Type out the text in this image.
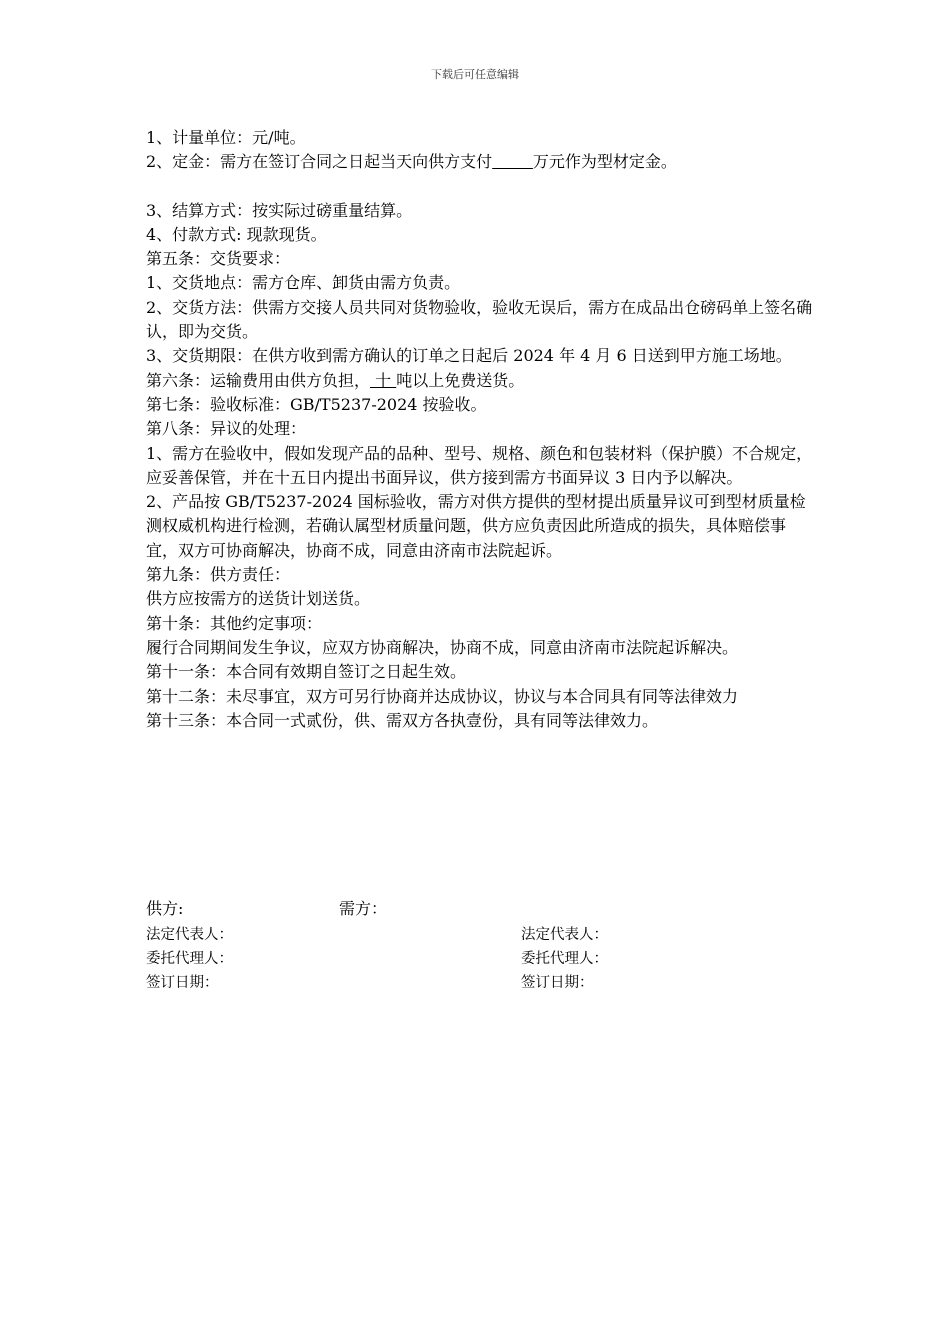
下载后可任意编辑

1、计量单位：元/吨。

2、定金：需方在签订合同之日起当天向供方支付	万元作为型材定金。

3、结算方式：按实际过磅重量结算。

4、付款方式: 现款现货。

第五条：交货要求：

1、交货地点：需方仓库、卸货由需方负责。

2、交货方法：供需方交接人员共同对货物验收，验收无误后，需方在成品出仓磅码单上签名确认，即为交货。

3、交货期限：在供方收到需方确认的订单之日起后 2024 年 4 月 6 日送到甲方施工场地。

第六条：运输费用由供方负担， 十 吨以上免费送货。

第七条：验收标准：GB/T5237-2024 按验收。

第八条：异议的处理：

1、需方在验收中，假如发现产品的品种、型号、规格、颜色和包装材料（保护膜）不合规定，应妥善保管，并在十五日内提出书面异议，供方接到需方书面异议 3 日内予以解决。

2、产品按 GB/T5237-2024 国标验收，需方对供方提供的型材提出质量异议可到型材质量检测权威机构进行检测，若确认属型材质量问题，供方应负责因此所造成的损失，具体赔偿事宜，双方可协商解决，协商不成，同意由济南市法院起诉。

第九条：供方责任：

供方应按需方的送货计划送货。

第十条：其他约定事项：

履行合同期间发生争议，应双方协商解决，协商不成，同意由济南市法院起诉解决。

第十一条：本合同有效期自签订之日起生效。

第十二条：未尽事宜，双方可另行协商并达成协议，协议与本合同具有同等法律效力

第十三条：本合同一式贰份，供、需双方各执壹份，具有同等法律效力。

供方:	需方：
法定代表人：	法定代表人：
委托代理人：	委托代理人：
签订日期：	签订日期：
